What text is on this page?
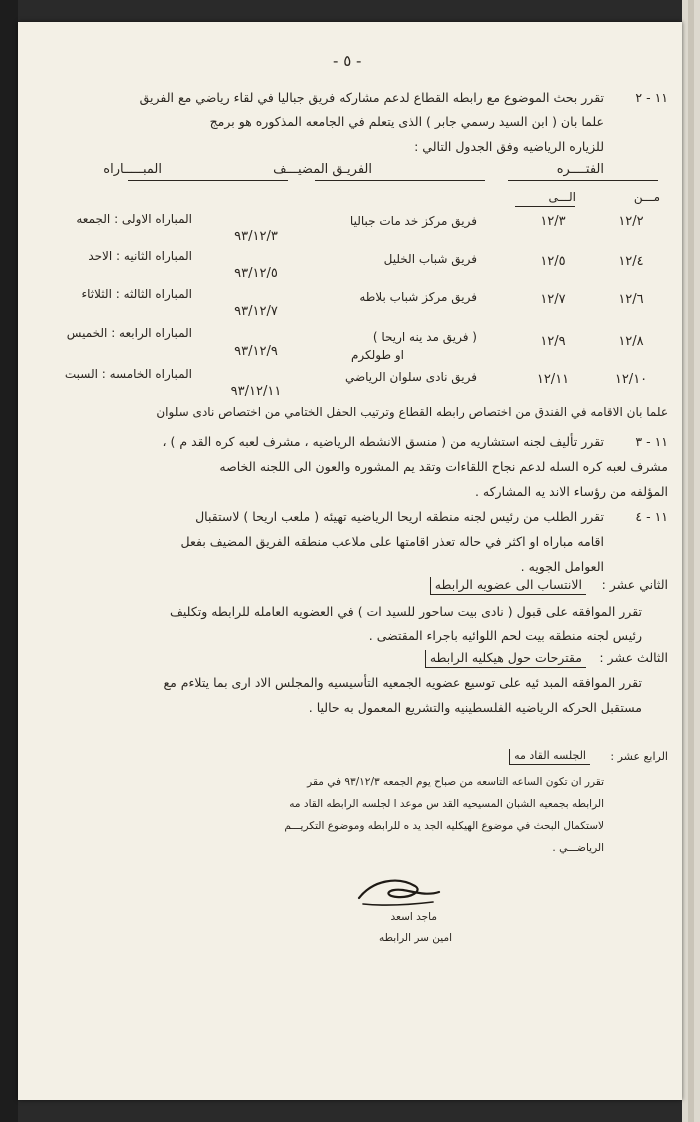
- ٥ -
١١ - ٢
تقرر بحث الموضوع مع رابطه القطاع لدعم مشاركه فريق جباليا في لقاء رياضي مع الفريق
علما بان ( ابن السيد رسمي جابر ) الذى يتعلم في الجامعه المذكوره هو برمج
للزياره الرياضيه وفق الجدول التالي :
الفتــــره
الفريـق المضيـــف
المبـــــاراه
مـــن
الـــى
١٢/٢
١٢/٣
فريق مركز خد مات جباليا
المباراه الاولى : الجمعه
٩٣/١٢/٣
١٢/٤
١٢/٥
فريق شباب الخليل
المباراه الثانيه : الاحد
٩٣/١٢/٥
١٢/٦
١٢/٧
فريق مركز شباب بلاطه
المباراه الثالثه : الثلاثاء
٩٣/١٢/٧
١٢/٨
١٢/٩
( فريق مد ينه اريحا )
او طولكرم
المباراه الرابعه : الخميس
٩٣/١٢/٩
١٢/١٠
١٢/١١
فريق نادى سلوان الرياضي
المباراه الخامسه : السبت
٩٣/١٢/١١
علما بان الاقامه في الفندق من اختصاص رابطه القطاع وترتيب الحفل الختامي من اختصاص نادى سلوان
١١ - ٣
تقرر تأليف لجنه استشاريه من ( منسق الانشطه الرياضيه ، مشرف لعبه كره القد م ) ،
مشرف لعبه كره السله لدعم نجاح اللقاءات وتقد يم المشوره والعون الى اللجنه الخاصه
المؤلفه من رؤساء الاند يه المشاركه .
١١ - ٤
تقرر الطلب من رئيس لجنه منطقه اريحا الرياضيه تهيئه ( ملعب اريحا ) لاستقبال
اقامه مباراه او اكثر في حاله تعذر اقامتها على ملاعب منطقه الفريق المضيف بفعل
العوامل الجويه .
الثاني عشر :
الانتساب الى عضويه الرابطه
تقرر الموافقه على قبول ( نادى بيت ساحور للسيد ات ) في العضويه العامله للرابطه وتكليف
رئيس لجنه منطقه بيت لحم اللوائيه باجراء المقتضى .
الثالث عشر :
مقترحات حول هيكليه الرابطه
تقرر الموافقه المبد ئيه على توسيع عضويه الجمعيه التأسيسيه والمجلس الاد ارى بما يتلاءم مع
مستقبل الحركه الرياضيه الفلسطينيه والتشريع المعمول به حاليا .
الرابع عشر :
الجلسه القاد مه
تقرر ان تكون الساعه التاسعه من صباح يوم الجمعه ٩٣/١٢/٣ في مقر
الرابطه بجمعيه الشبان المسيحيه القد س موعد ا لجلسه الرابطه القاد مه
لاستكمال البحث في موضوع الهيكليه الجد يد ه للرابطه وموضوع التكريـــم
الرياضـــي .
ماجد اسعد
امين سر الرابطه
